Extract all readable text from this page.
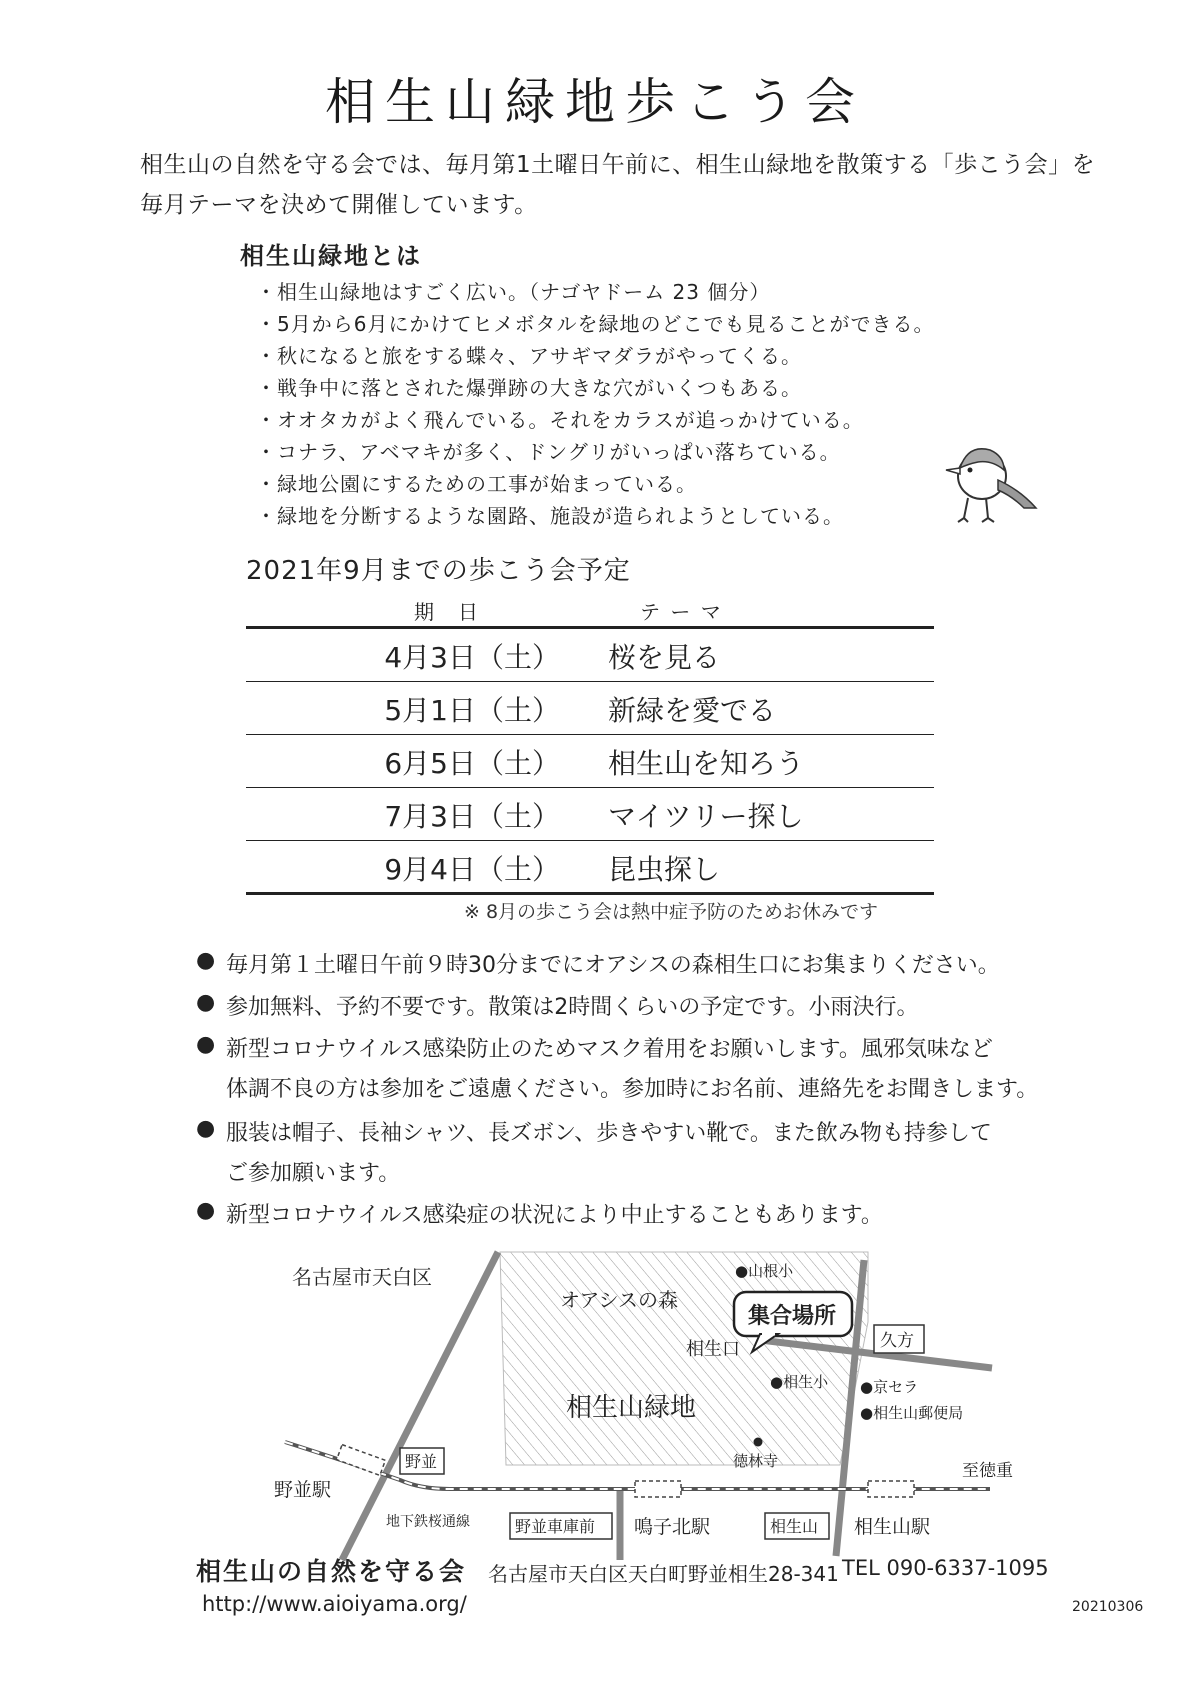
相生山緑地歩こう会
相生山の自然を守る会では、毎月第1土曜日午前に、相生山緑地を散策する「歩こう会」を
毎月テーマを決めて開催しています。
相生山緑地とは
・相生山緑地はすごく広い。（ナゴヤドーム 23 個分）
・5月から6月にかけてヒメボタルを緑地のどこでも見ることができる。
・秋になると旅をする蝶々、アサギマダラがやってくる。
・戦争中に落とされた爆弾跡の大きな穴がいくつもある。
・オオタカがよく飛んでいる。それをカラスが追っかけている。
・コナラ、アベマキが多く、ドングリがいっぱい落ちている。
・緑地公園にするための工事が始まっている。
・緑地を分断するような園路、施設が造られようとしている。
2021年9月までの歩こう会予定
期　日	テ ー マ
4月3日（土） 桜を見る
5月1日（土） 新緑を愛でる
6月5日（土） 相生山を知ろう
7月3日（土） マイツリー探し
9月4日（土） 昆虫探し
※ 8月の歩こう会は熱中症予防のためお休みです
● 毎月第１土曜日午前９時30分までにオアシスの森相生口にお集まりください。
● 参加無料、予約不要です。散策は2時間くらいの予定です。小雨決行。
● 新型コロナウイルス感染防止のためマスク着用をお願いします。風邪気味など
体調不良の方は参加をご遠慮ください。参加時にお名前、連絡先をお聞きします。
● 服装は帽子、長袖シャツ、長ズボン、歩きやすい靴で。また飲み物も持参して
ご参加願います。
● 新型コロナウイルス感染症の状況により中止することもあります。
名古屋市天白区
オアシスの森
●山根小
集合場所
相生口	久方
●相生小 ●京セラ
●相生山郵便局
相生山緑地
徳林寺
野並
野並駅
至徳重
地下鉄桜通線	野並車庫前 鳴子北駅	相生山 相生山駅
相生山の自然を守る会 名古屋市天白区天白町野並相生28-341 TEL 090-6337-1095
http://www.aioiyama.org/	20210306
